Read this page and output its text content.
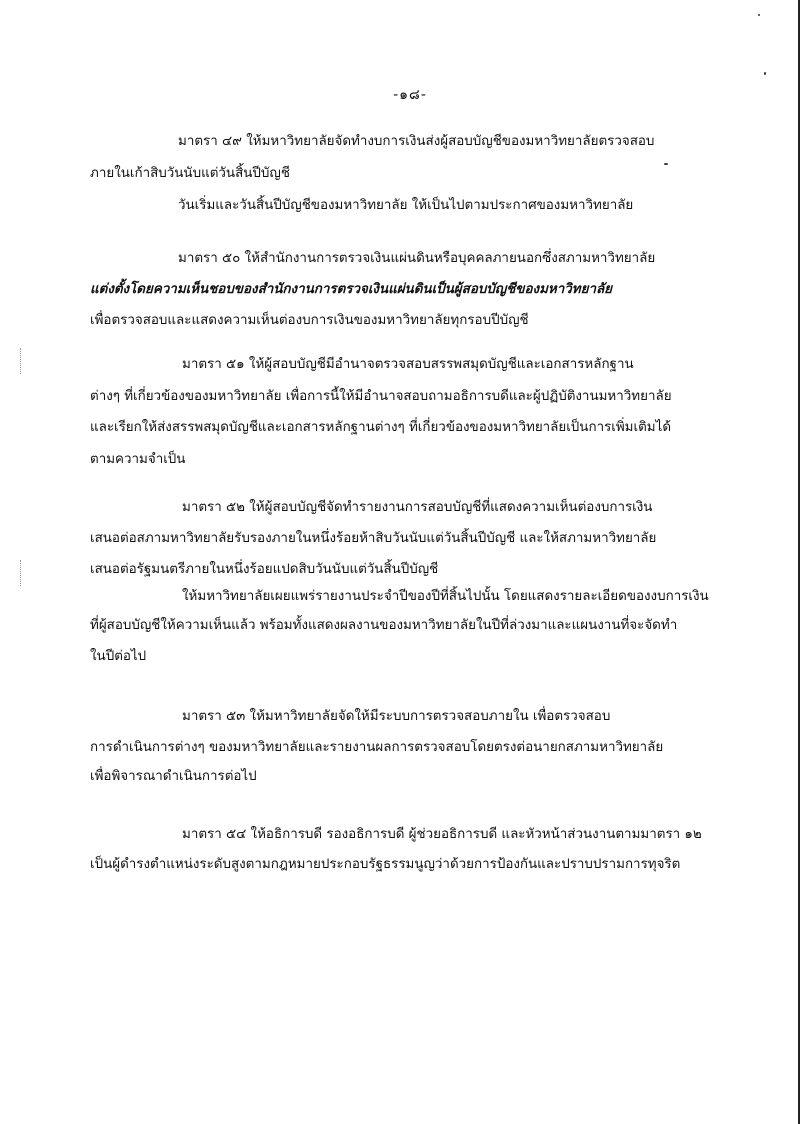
-๑๘-
มาตรา ๔๙ ให้มหาวิทยาลัยจัดทำงบการเงินส่งผู้สอบบัญชีของมหาวิทยาลัยตรวจสอบ
ภายในเก้าสิบวันนับแต่วันสิ้นปีบัญชี
วันเริ่มและวันสิ้นปีบัญชีของมหาวิทยาลัย ให้เป็นไปตามประกาศของมหาวิทยาลัย
มาตรา ๕๐ ให้สำนักงานการตรวจเงินแผ่นดินหรือบุคคลภายนอกซึ่งสภามหาวิทยาลัย
แต่งตั้งโดยความเห็นชอบของสำนักงานการตรวจเงินแผ่นดินเป็นผู้สอบบัญชีของมหาวิทยาลัย
เพื่อตรวจสอบและแสดงความเห็นต่องบการเงินของมหาวิทยาลัยทุกรอบปีบัญชี
มาตรา ๕๑ ให้ผู้สอบบัญชีมีอำนาจตรวจสอบสรรพสมุดบัญชีและเอกสารหลักฐาน
ต่างๆ ที่เกี่ยวข้องของมหาวิทยาลัย เพื่อการนี้ให้มีอำนาจสอบถามอธิการบดีและผู้ปฏิบัติงานมหาวิทยาลัย
และเรียกให้ส่งสรรพสมุดบัญชีและเอกสารหลักฐานต่างๆ ที่เกี่ยวข้องของมหาวิทยาลัยเป็นการเพิ่มเติมได้
ตามความจำเป็น
มาตรา ๕๒ ให้ผู้สอบบัญชีจัดทำรายงานการสอบบัญชีที่แสดงความเห็นต่องบการเงิน
เสนอต่อสภามหาวิทยาลัยรับรองภายในหนึ่งร้อยห้าสิบวันนับแต่วันสิ้นปีบัญชี และให้สภามหาวิทยาลัย
เสนอต่อรัฐมนตรีภายในหนึ่งร้อยแปดสิบวันนับแต่วันสิ้นปีบัญชี
ให้มหาวิทยาลัยเผยแพร่รายงานประจำปีของปีที่สิ้นไปนั้น โดยแสดงรายละเอียดของงบการเงิน
ที่ผู้สอบบัญชีให้ความเห็นแล้ว พร้อมทั้งแสดงผลงานของมหาวิทยาลัยในปีที่ล่วงมาและแผนงานที่จะจัดทำ
ในปีต่อไป
มาตรา ๕๓ ให้มหาวิทยาลัยจัดให้มีระบบการตรวจสอบภายใน เพื่อตรวจสอบ
การดำเนินการต่างๆ ของมหาวิทยาลัยและรายงานผลการตรวจสอบโดยตรงต่อนายกสภามหาวิทยาลัย
เพื่อพิจารณาดำเนินการต่อไป
มาตรา ๕๔ ให้อธิการบดี รองอธิการบดี ผู้ช่วยอธิการบดี และหัวหน้าส่วนงานตามมาตรา ๑๒
เป็นผู้ดำรงตำแหน่งระดับสูงตามกฎหมายประกอบรัฐธรรมนูญว่าด้วยการป้องกันและปราบปรามการทุจริต
